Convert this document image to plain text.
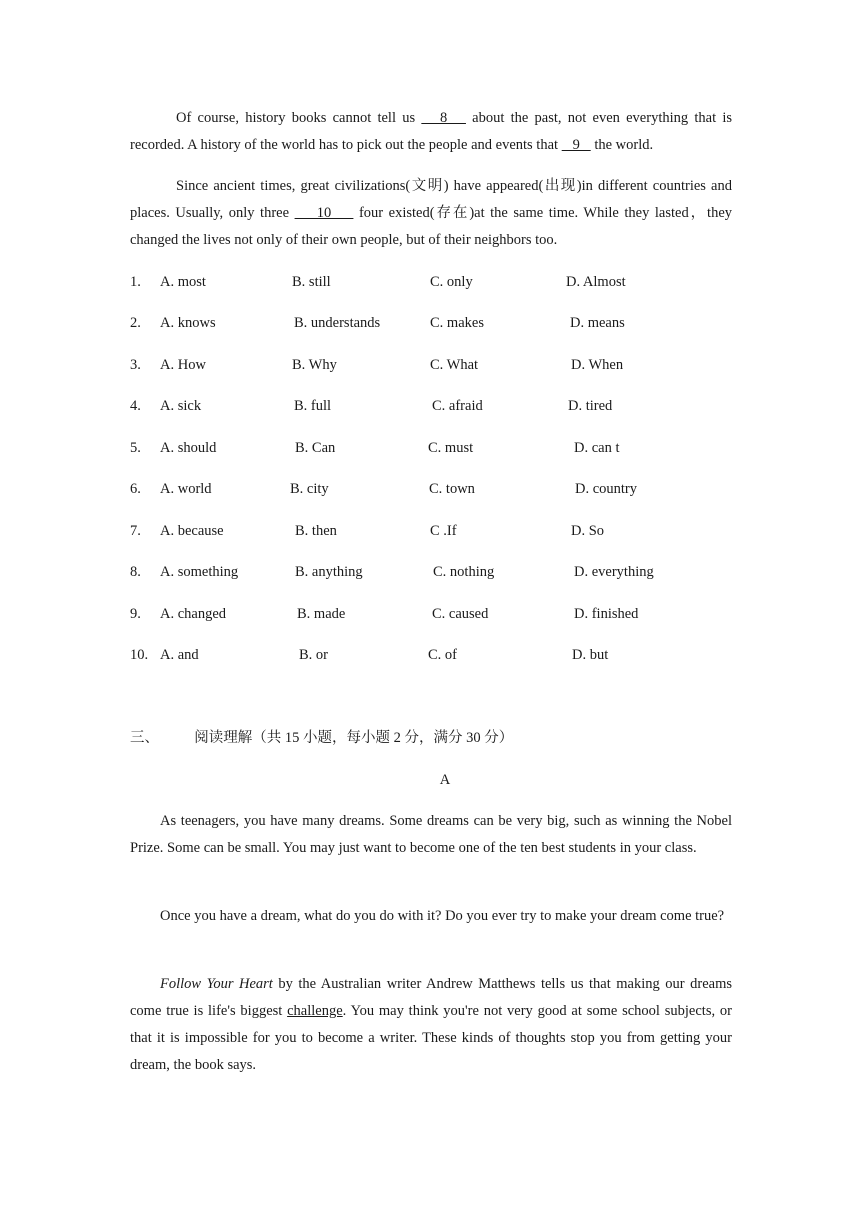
Of course, history books cannot tell us    8    about the past, not even everything that is recorded. A history of the world has to pick out the people and events that    9    the world.

Since ancient times, great civilizations(文明) have appeared(出现)in different countries and places. Usually, only three     10     four existed(存在)at the same time. While they lasted，they changed the lives not only of their own people, but of their neighbors too.

1. A. most	B. still	C. only	D. Almost
2. A. knows	B. understands	C. makes	D. means
3. A. How	B. Why	C. What	D. When
4. A. sick	B. full	C. afraid	D. tired
5. A. should	B. Can	C. must	D. can t
6. A. world	B. city	C. town	D. country
7. A. because	B. then	C .If	D. So
8. A. something	B. anything	C. nothing	D. everything
9. A. changed	B. made	C. caused	D. finished
10. A. and	B. or	C. of	D. but
三、 阅读理解（共 15 小题，每小题 2 分，满分 30 分）
A

As teenagers, you have many dreams. Some dreams can be very big, such as winning the Nobel Prize. Some can be small. You may just want to become one of the ten best students in your class.

Once you have a dream, what do you do with it? Do you ever try to make your dream come true?

Follow Your Heart by the Australian writer Andrew Matthews tells us that making our dreams come true is life's biggest challenge. You may think you're not very good at some school subjects, or that it is impossible for you to become a writer. These kinds of thoughts stop you from getting your dream, the book says.
